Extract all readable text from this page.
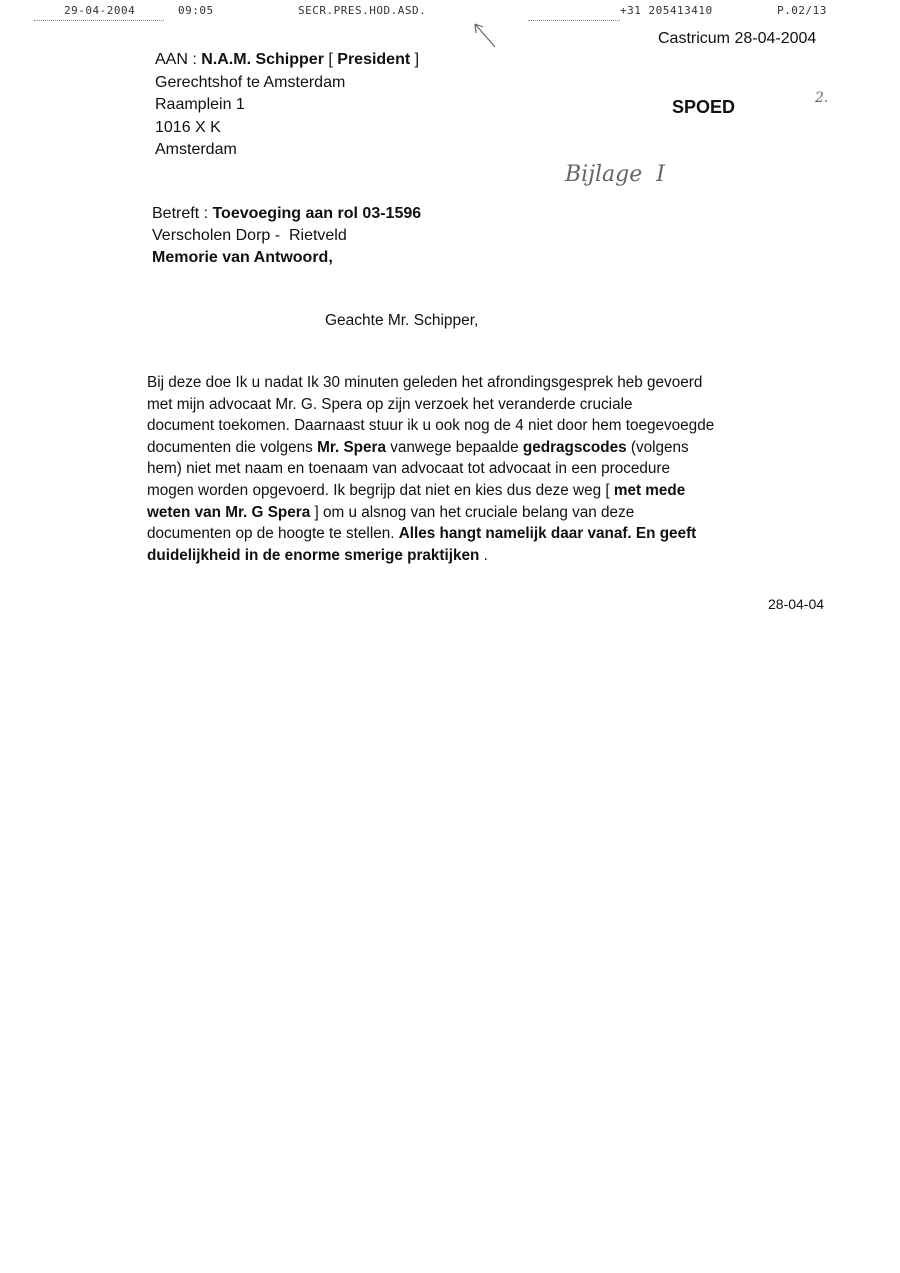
29-04-2004	09:05	SECR.PRES.HOD.ASD.	+31 205413410	P.02/13
Castricum 28-04-2004
AAN : N.A.M. Schipper [ President ]
Gerechtshof te Amsterdam
Raamplein 1
1016 X K
Amsterdam
SPOED	2.
Bijlage  I
Betreft : Toevoeging aan rol 03-1596
Verscholen Dorp -  Rietveld
Memorie van Antwoord,
Geachte Mr. Schipper,
Bij deze doe Ik u nadat Ik 30 minuten geleden het afrondingsgesprek heb gevoerd
met mijn advocaat Mr. G. Spera op zijn verzoek het veranderde cruciale
document toekomen. Daarnaast stuur ik u ook nog de 4 niet door hem toegevoegde
documenten die volgens Mr. Spera vanwege bepaalde gedragscodes (volgens
hem) niet met naam en toenaam van advocaat tot advocaat in een procedure
mogen worden opgevoerd. Ik begrijp dat niet en kies dus deze weg [ met mede
weten van Mr. G Spera ] om u alsnog van het cruciale belang van deze
documenten op de hoogte te stellen. Alles hangt namelijk daar vanaf. En geeft
duidelijkheid in de enorme smerige praktijken .
28-04-04
